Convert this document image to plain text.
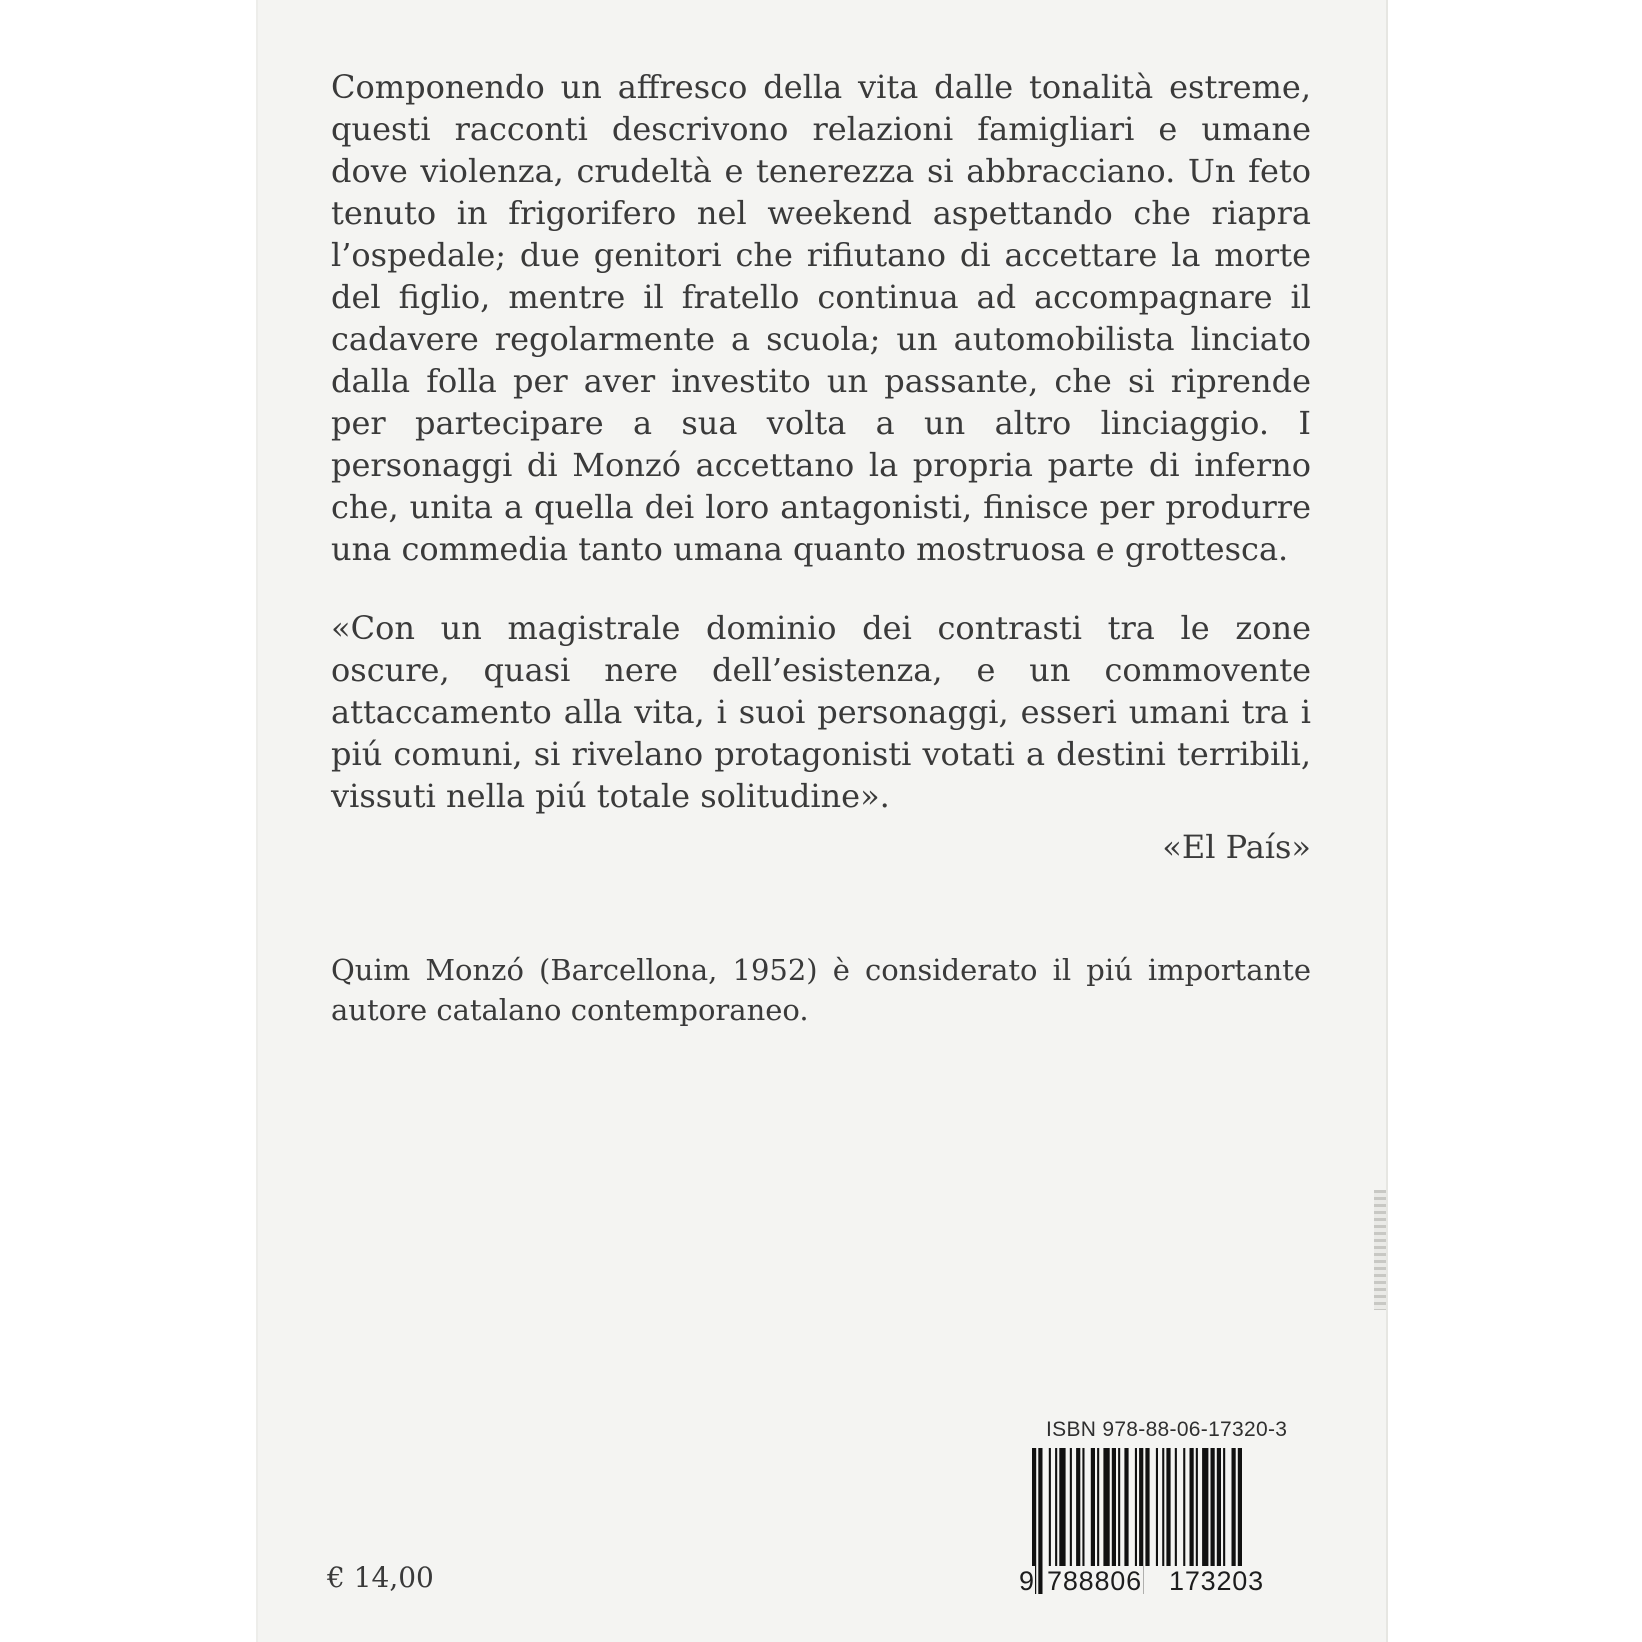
Componendo un affresco della vita dalle tonalità estreme, questi racconti descrivono relazioni famigliari e umane dove violenza, crudeltà e tenerezza si abbracciano. Un feto tenuto in frigorifero nel weekend aspettando che riapra l’ospedale; due genitori che rifiutano di accettare la morte del figlio, mentre il fratello continua ad accompagnare il cadavere regolarmente a scuola; un automobilista linciato dalla folla per aver investito un passante, che si riprende per partecipare a sua volta a un altro linciaggio. I personaggi di Monzó accettano la propria parte di inferno che, unita a quella dei loro antagonisti, finisce per produrre una commedia tanto umana quanto mostruosa e grottesca.

«Con un magistrale dominio dei contrasti tra le zone oscure, quasi nere dell’esistenza, e un commovente attaccamento alla vita, i suoi personaggi, esseri umani tra i piú comuni, si rivelano protagonisti votati a destini terribili, vissuti nella piú totale solitudine».

«El País»

Quim Monzó (Barcellona, 1952) è considerato il piú importante autore catalano contemporaneo.

€ 14,00
ISBN 978-88-06-17320-3
9 788806 173203
